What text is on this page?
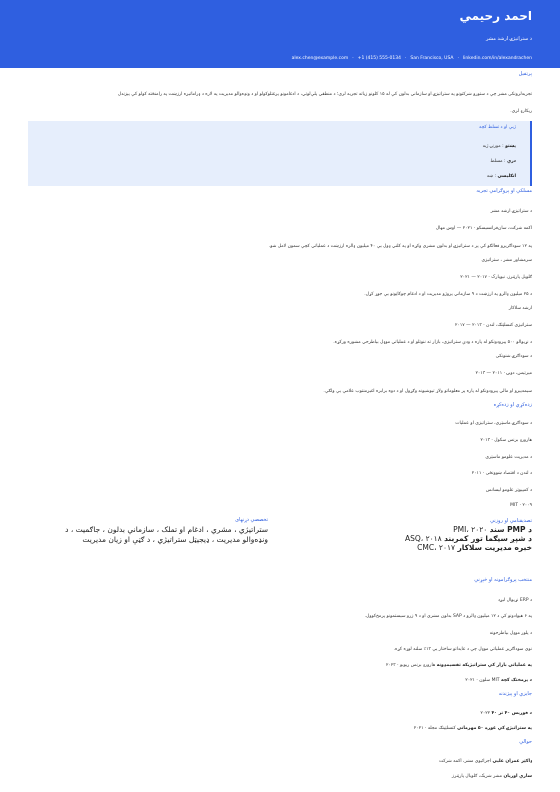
احمد رحیمي
د ستراتيژۍ ارشد مشر
alex.chen@example.com · +1 (415) 555-0134 · San Francisco, USA · linkedin.com/in/alexandrachen
پرتفیل
تجربه‌لرونکی مشر چې د ستورو شرکتونو په ستراتيژۍ او سازماني بدلون کې له ۱۵ کلونو زیاته تجربه لري؛ د منطقي پلې‌لوتي، د ادغامونو پرغتلوکولو او د ونډه‌والو مدیریت په لاره د ډراماتيزه ارزښت په رامنځته کولو کې پېژندل
ریکارډ لري.
ژبې او د تسلط کچه
پښتو : مورنۍ ژبه
دري : مسلط
انګلیسي : ښه
مسلکي او پروګرامي تجربه
د ستراتيژۍ ارشد مشر
اکمه شرکت، سان‌فرانسیسکو · ۲۰۲۱ — اوس مهال
په ۱۲ سوداګریزو فعالګو کې پر د ستراتيژۍ او بدلون مشري وکړه او په کلني ډول یې ۴۰ میلیون ډالره ارزښت د عملیاتي کچې سمون لامل شو.
سرمشاور مشر ، ستراتيژي
ګلوبل پارټنرز، نیویارک · ۲۰۱۷ — ۲۰۲۱
د ۲۵ میلیون ډالرو په ارزښت د ۹ سازماني پروژو مدیریت او د ادغام چوکاټونو یې جوړ کړل.
ارشد سلاکار
ستراتيژي کنسلټنګ، لندن · ۲۰۱۳ — ۲۰۱۷
د نړیوالو ۵۰۰ پېرودونکو له پاره د ودې ستراتيژي، بازار ته ننوتلو او د عملیاتي موډل بیاطرحي مشوره ورکړه.
د سوداګرۍ شنونکی
میرتیس، دوبۍ · ۲۰۱۱ — ۲۰۱۳
سیمه‌ییزو او مالي پېرودونکو له پاره پر معلوماتو ولاړ تیوشیونه وګړول او د دوه برابره اغیزمنتوب علامې یې ولګې.
زده‌کړې او زده‌کړه
د سوداګرۍ ماسټري، ستراتيژي او عملیات
هارورډ بزنس سکول · ۲۰۱۳
د مدیریت علومو ماسټري
د لندن د اقتصاد ښوونځی · ۲۰۱۱
د کمپیوټر علومو لیسانس
MIT · ۲۰۰۹
تصدیقنامې او روزنې
د PMP سند PMI، ۲۰۲۰
د شپږ سیګما تور کمربند ASQ، ۲۰۱۸
خبره مدیریت سلاکار CMC، ۲۰۱۷
تخصصي دړنهای
ستراتیژي ، مشري ، ادغام او تملک ، سازماني بدلون ، جاګمیت ، د
ونډه‌والو مدیریت ، ډیجیټل ستراتيژي ، د ګټې او زیان مدیریت
منتخب پروګرامونه او څېړنې
د ERP نړیوال لیږد
په ۶ هېوادونو کې د ۱۲ میلیون ډالرو د SAP بدلون مشري او د ۹ زرو سیستمونو پرمخ‌کوول.
د پلور موډل بیاطرحونه
نوي سوداګریز عملیاتي موډل چې د عایداتو ساختار یې ۱۳٪ سلنه لوړه کړه.
په عملیاتي بازار کې ستراتيژیکه تقسیمډونه هارورډ بزنس ریویو · ۲۰۲۳
د پرمختګ کچه MIT سلون · ۲۰۲۱
جایزې او پیژندنه
د فوربس ۴۰ تر ۴۰ ۲۰۲۲
په ستراتيژۍ کې غوره ۵۰ مهرماني کنسلټینګ مجله · ۲۰۲۱
حوالې
ډاکټر عمران علیي اجرائیوي مشر، اکمه شرکت
سارې اوریان مشر شریک، ګلوبال پارټنرز
